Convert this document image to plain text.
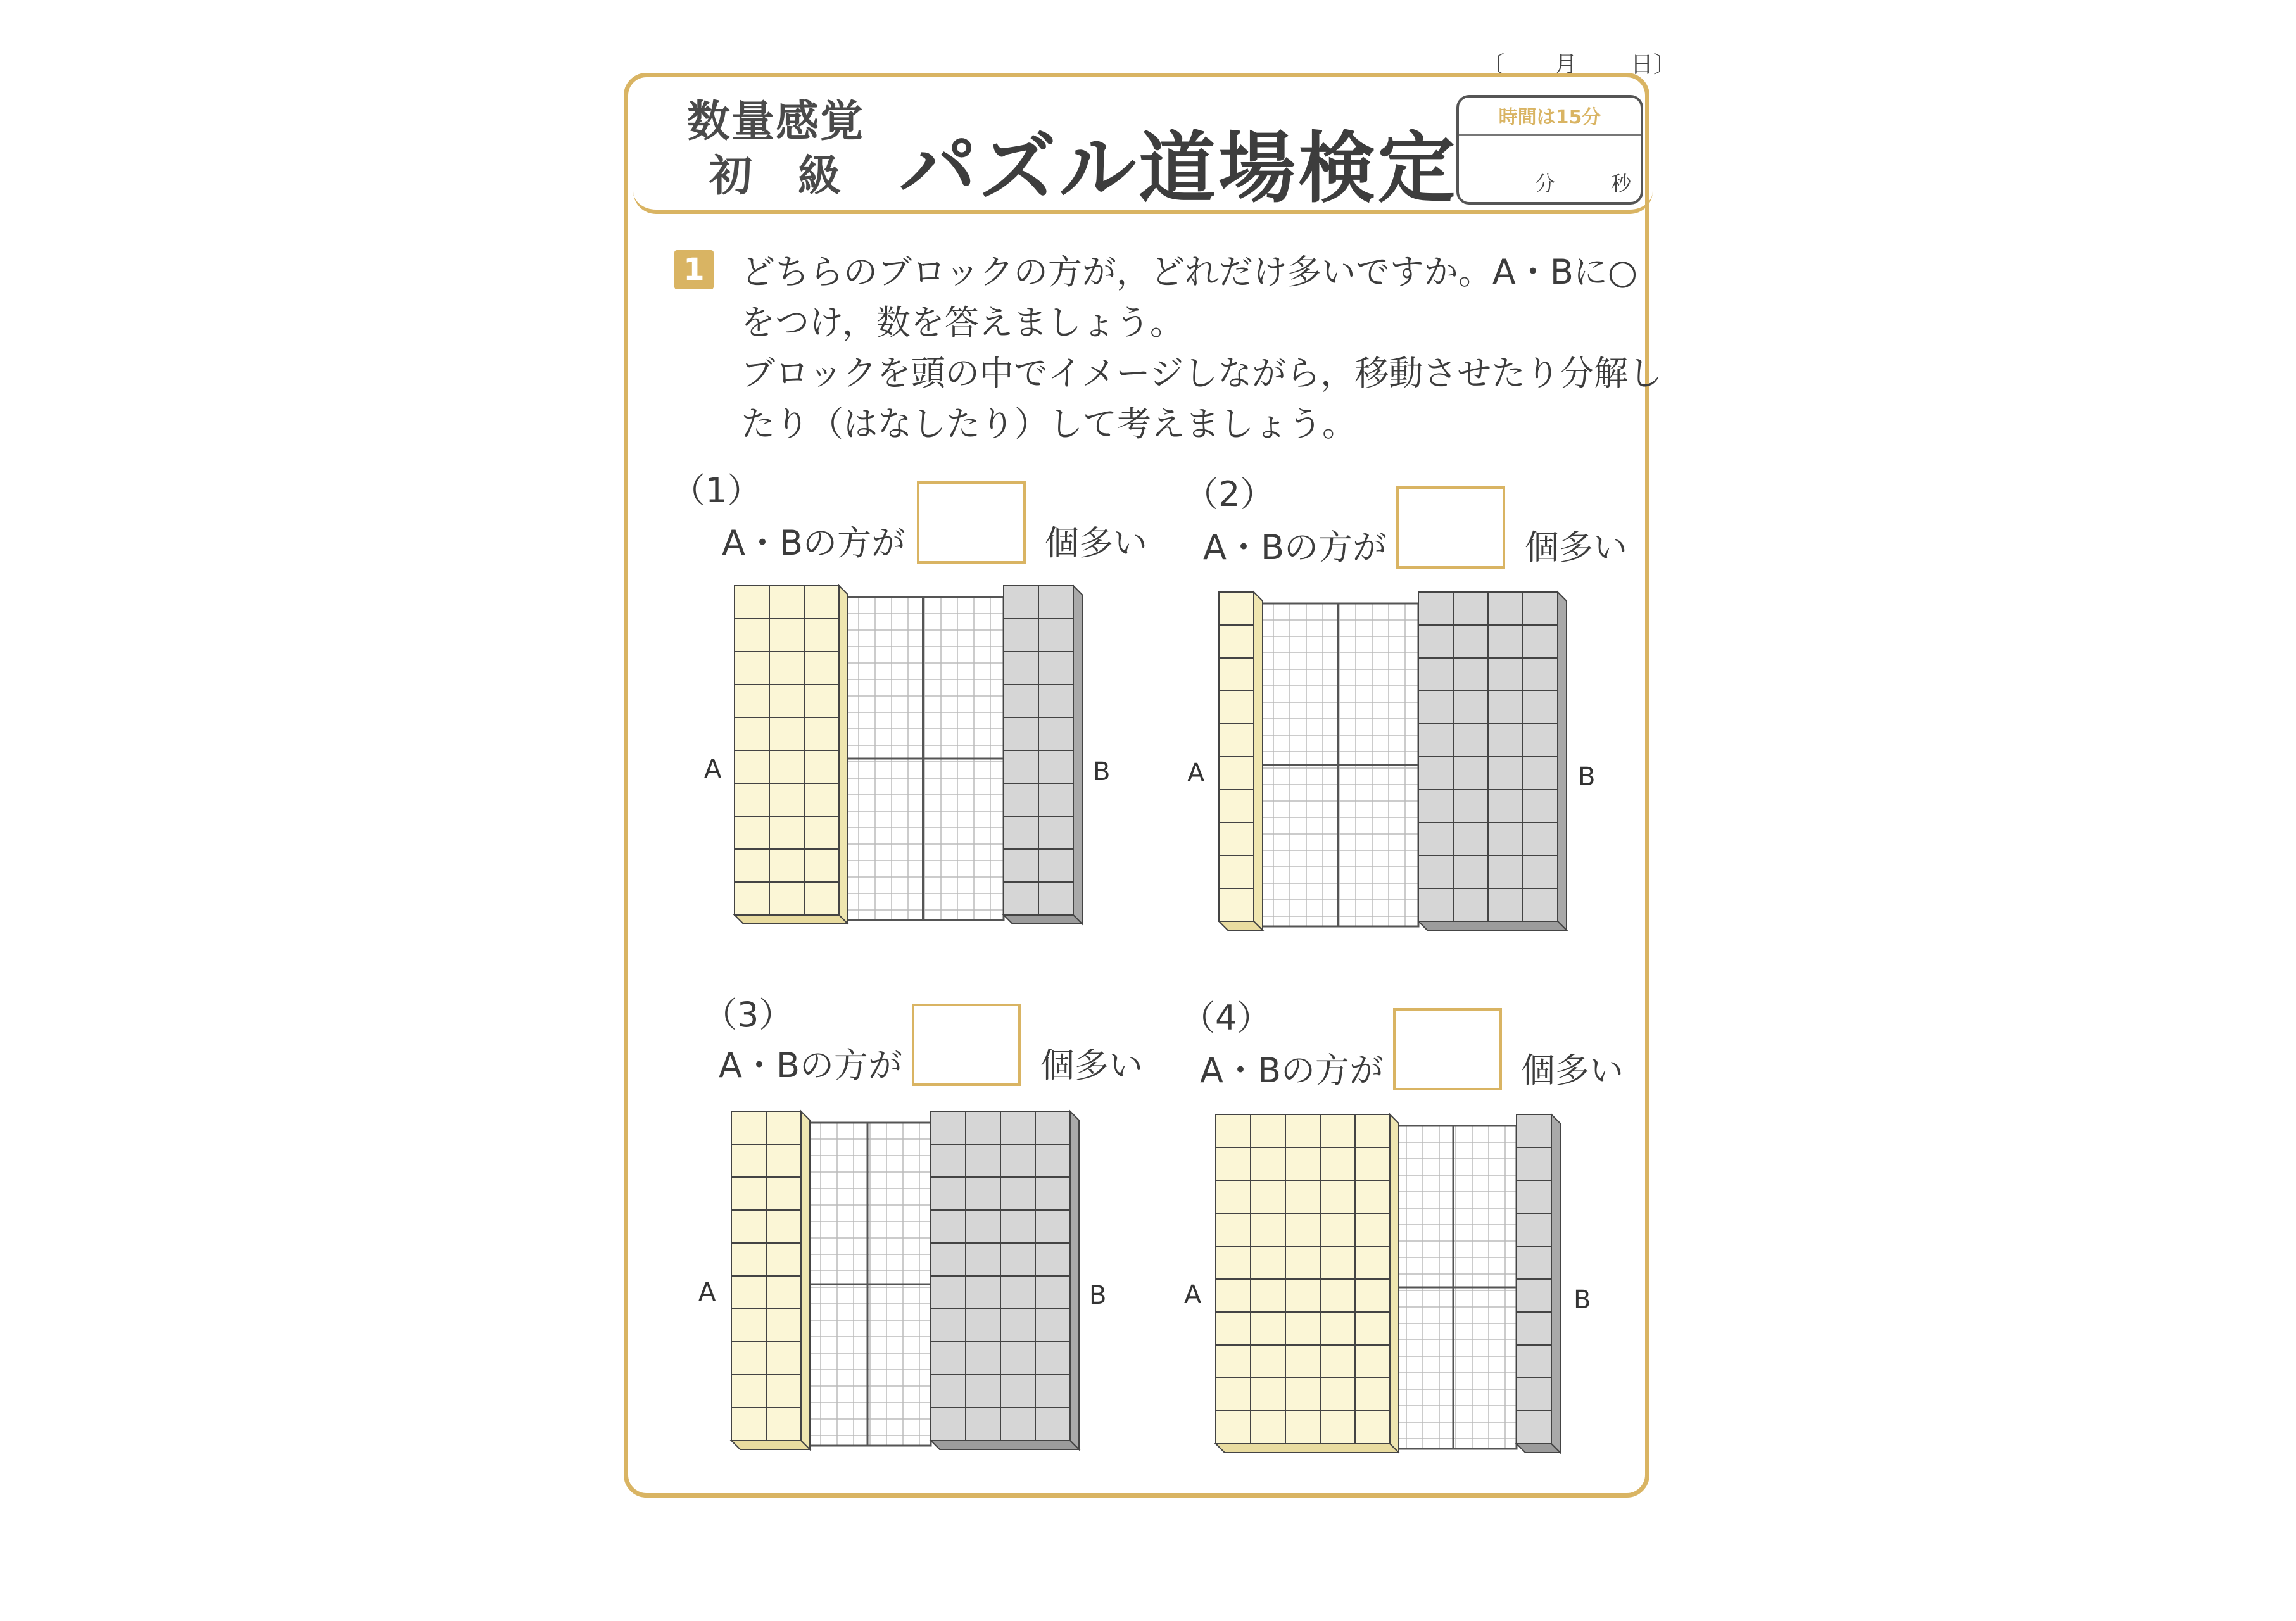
〔 月 日〕
数量感覚
初　級 パズル道場検定
時間は15分
分	秒
1 どちらのブロックの方が，どれだけ多いですか。A・Bに○
をつけ，数を答えましょう。
ブロックを頭の中でイメージしながら，移動させたり分解し
たり（はなしたり）して考えましょう。
（1）
A・Bの方が	個多い
A	B
（2）
A・Bの方が	個多い
A	B
（3）
A・Bの方が	個多い
A	B
（4）
A・Bの方が	個多い
A	B
